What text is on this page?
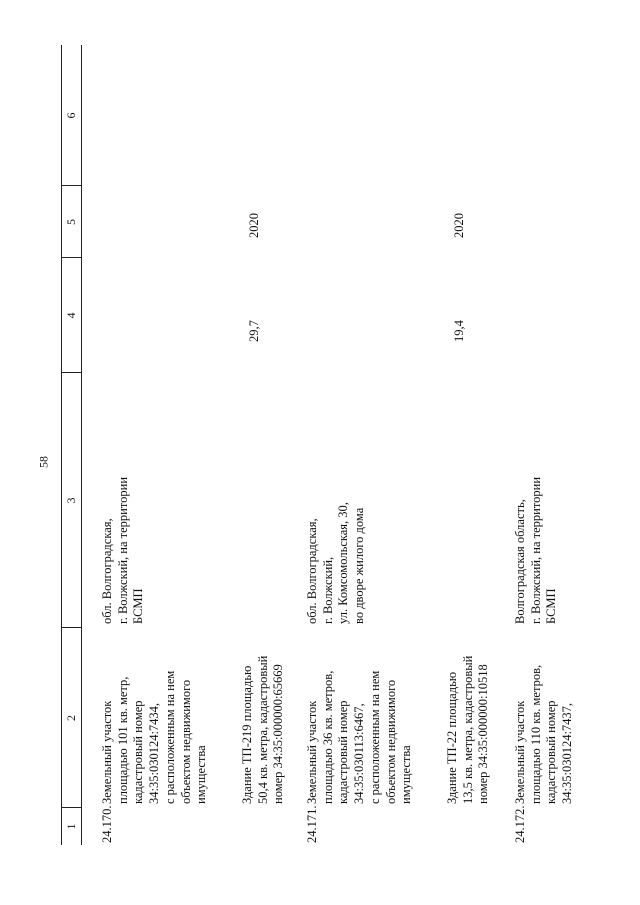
58
1
2
3
4
5
6
24.170.
Земельный участок
площадью 101 кв. метр,
кадастровый номер
34:35:030124:7434,
с расположенным на нем
объектом недвижимого
имущества
обл. Волгоградская,
г. Волжский, на территории
БСМП
Здание ТП-219 площадью
50,4 кв. метра, кадастровый
номер 34:35:000000:65669
29,7
2020
24.171.
Земельный участок
площадью 36 кв. метров,
кадастровый номер
34:35:030113:6467,
с расположенным на нем
объектом недвижимого
имущества
обл. Волгоградская,
г. Волжский,
ул. Комсомольская, 30,
во дворе жилого дома
Здание ТП-22 площадью
13,5 кв. метра, кадастровый
номер 34:35:000000:10518
19,4
2020
24.172.
Земельный участок
площадью 110 кв. метров,
кадастровый номер
34:35:030124:7437,
Волгоградская область,
г. Волжский, на территории
БСМП
